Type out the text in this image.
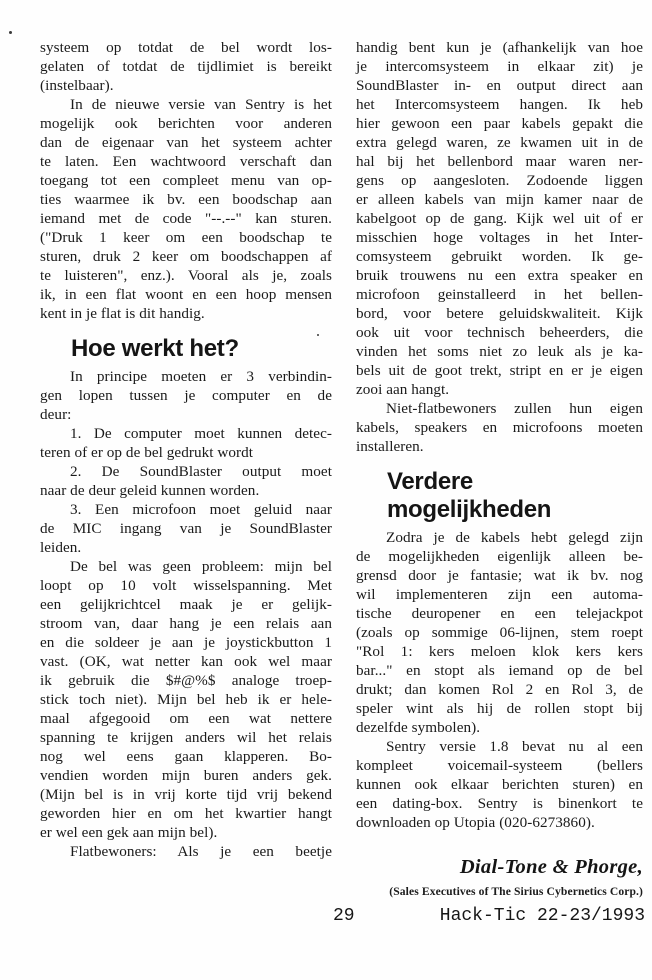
systeem op totdat de bel wordt los-
gelaten of totdat de tijdlimiet is bereikt
(instelbaar).

In de nieuwe versie van Sentry is het
mogelijk ook berichten voor anderen
dan de eigenaar van het systeem achter
te laten. Een wachtwoord verschaft dan
toegang tot een compleet menu van op-
ties waarmee ik bv. een boodschap aan
iemand met de code "--.--" kan sturen.
("Druk 1 keer om een boodschap te
sturen, druk 2 keer om boodschappen af
te luisteren", enz.). Vooral als je, zoals
ik, in een flat woont en een hoop mensen
kent in je flat is dit handig.

Hoe werkt het?

In principe moeten er 3 verbindin-
gen lopen tussen je computer en de
deur:

1. De computer moet kunnen detec-
teren of er op de bel gedrukt wordt

2. De SoundBlaster output moet
naar de deur geleid kunnen worden.

3. Een microfoon moet geluid naar
de MIC ingang van je SoundBlaster
leiden.

De bel was geen probleem: mijn bel
loopt op 10 volt wisselspanning. Met
een gelijkrichtcel maak je er gelijk-
stroom van, daar hang je een relais aan
en die soldeer je aan je joystickbutton 1
vast. (OK, wat netter kan ook wel maar
ik gebruik die $#@%$ analoge troep-
stick toch niet). Mijn bel heb ik er hele-
maal afgegooid om een wat nettere
spanning te krijgen anders wil het relais
nog wel eens gaan klapperen. Bo-
vendien worden mijn buren anders gek.
(Mijn bel is in vrij korte tijd vrij bekend
geworden hier en om het kwartier hangt
er wel een gek aan mijn bel).

Flatbewoners: Als je een beetje

handig bent kun je (afhankelijk van hoe
je intercomsysteem in elkaar zit) je
SoundBlaster in- en output direct aan
het Intercomsysteem hangen. Ik heb
hier gewoon een paar kabels gepakt die
extra gelegd waren, ze kwamen uit in de
hal bij het bellenbord maar waren ner-
gens op aangesloten. Zodoende liggen
er alleen kabels van mijn kamer naar de
kabelgoot op de gang. Kijk wel uit of er
misschien hoge voltages in het Inter-
comsysteem gebruikt worden. Ik ge-
bruik trouwens nu een extra speaker en
microfoon geinstalleerd in het bellen-
bord, voor betere geluidskwaliteit. Kijk
ook uit voor technisch beheerders, die
vinden het soms niet zo leuk als je ka-
bels uit de goot trekt, stript en er je eigen
zooi aan hangt.

Niet-flatbewoners zullen hun eigen
kabels, speakers en microfoons moeten
installeren.

Verdere mogelijkheden

Zodra je de kabels hebt gelegd zijn
de mogelijkheden eigenlijk alleen be-
grensd door je fantasie; wat ik bv. nog
wil implementeren zijn een automa-
tische deuropener en een telejackpot
(zoals op sommige 06-lijnen, stem roept
"Rol 1: kers meloen klok kers kers
bar..." en stopt als iemand op de bel
drukt; dan komen Rol 2 en Rol 3, de
speler wint als hij de rollen stopt bij
dezelfde symbolen).

Sentry versie 1.8 bevat nu al een
kompleet voicemail-systeem (bellers
kunnen ook elkaar berichten sturen) en
een dating-box. Sentry is binenkort te
downloaden op Utopia (020-6273860).

Dial-Tone & Phorge,
(Sales Executives of The Sirius Cybernetics Corp.)
29	Hack-Tic 22-23/1993
